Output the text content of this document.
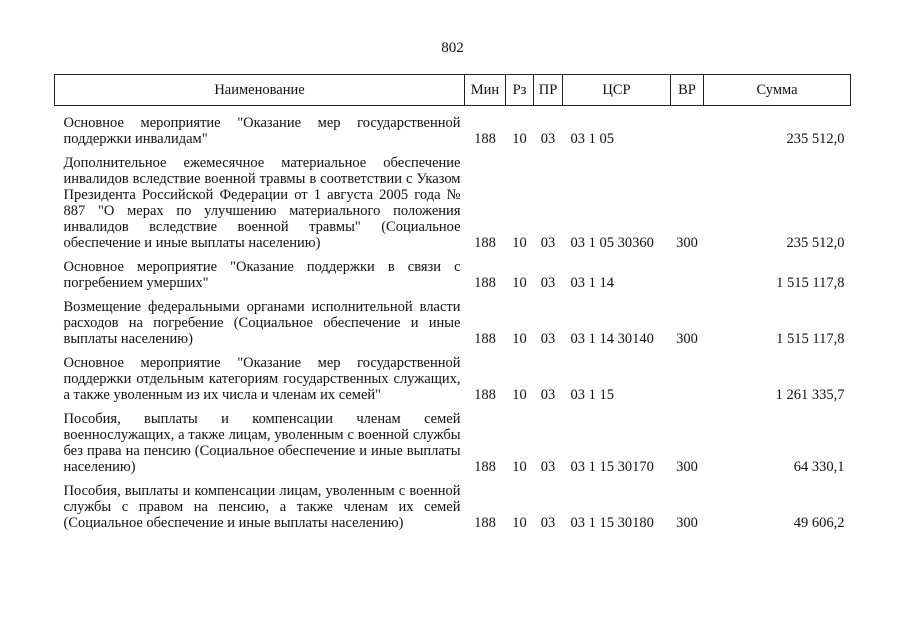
802
Наименование	Мин	Рз	ПР	ЦСР	ВР	Сумма

Основное мероприятие "Оказание мер государственной поддержки инвалидам"	188	10	03	03 1 05		235 512,0

Дополнительное ежемесячное материальное обеспечение инвалидов вследствие военной травмы в соответствии с Указом Президента Российской Федерации от 1 августа 2005 года № 887 "О мерах по улучшению материального положения инвалидов вследствие военной травмы" (Социальное обеспечение и иные выплаты населению)	188	10	03	03 1 05 30360	300	235 512,0

Основное мероприятие "Оказание поддержки в связи с погребением умерших"	188	10	03	03 1 14		1 515 117,8

Возмещение федеральными органами исполнительной власти расходов на погребение (Социальное обеспечение и иные выплаты населению)	188	10	03	03 1 14 30140	300	1 515 117,8

Основное мероприятие "Оказание мер государственной поддержки отдельным категориям государственных служащих, а также уволенным из их числа и членам их семей"	188	10	03	03 1 15		1 261 335,7

Пособия, выплаты и компенсации членам семей военнослужащих, а также лицам, уволенным с военной службы без права на пенсию (Социальное обеспечение и иные выплаты населению)	188	10	03	03 1 15 30170	300	64 330,1

Пособия, выплаты и компенсации лицам, уволенным с военной службы с правом на пенсию, а также членам их семей (Социальное обеспечение и иные выплаты населению)	188	10	03	03 1 15 30180	300	49 606,2
